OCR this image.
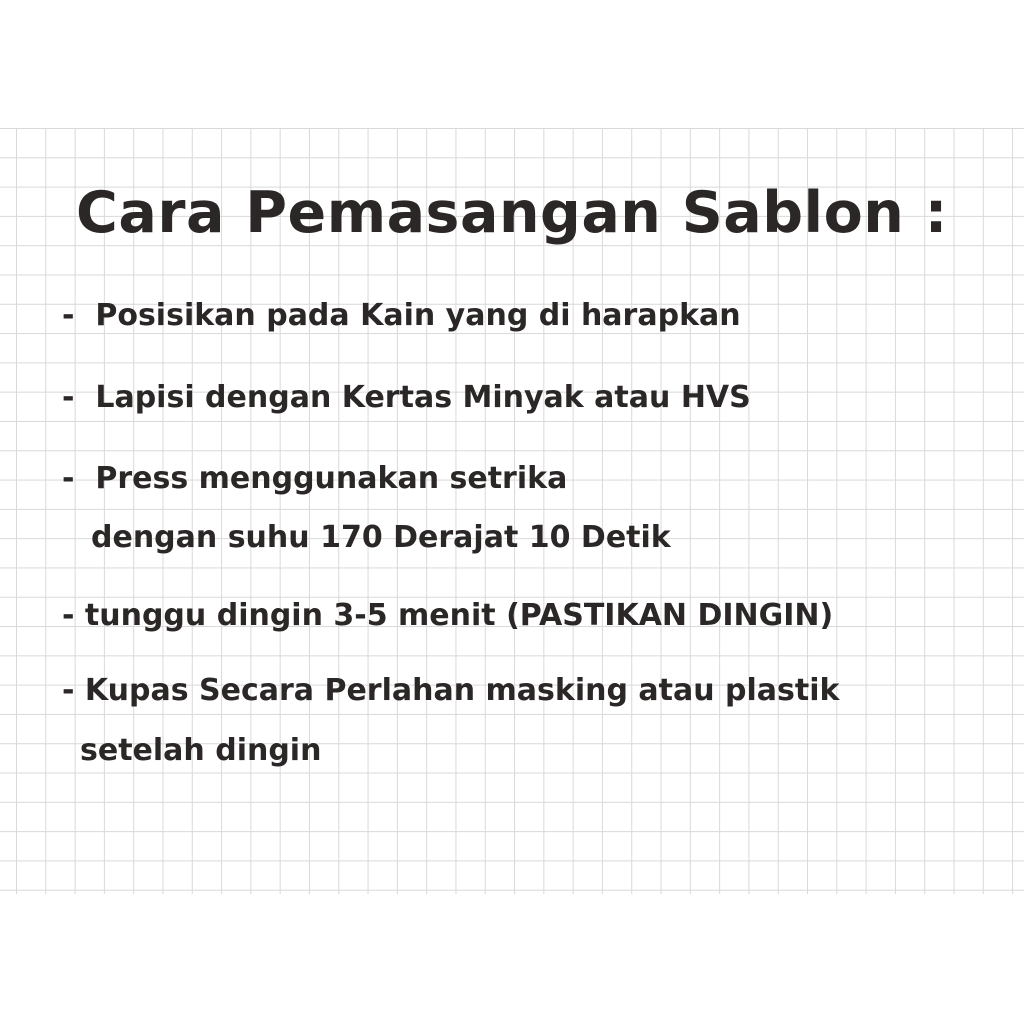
Cara Pemasangan Sablon :

- Posisikan pada Kain yang di harapkan

- Lapisi dengan Kertas Minyak atau HVS

- Press menggunakan setrika

dengan suhu 170 Derajat 10 Detik

- tunggu dingin 3-5 menit (PASTIKAN DINGIN)

- Kupas Secara Perlahan masking atau plastik

setelah dingin
